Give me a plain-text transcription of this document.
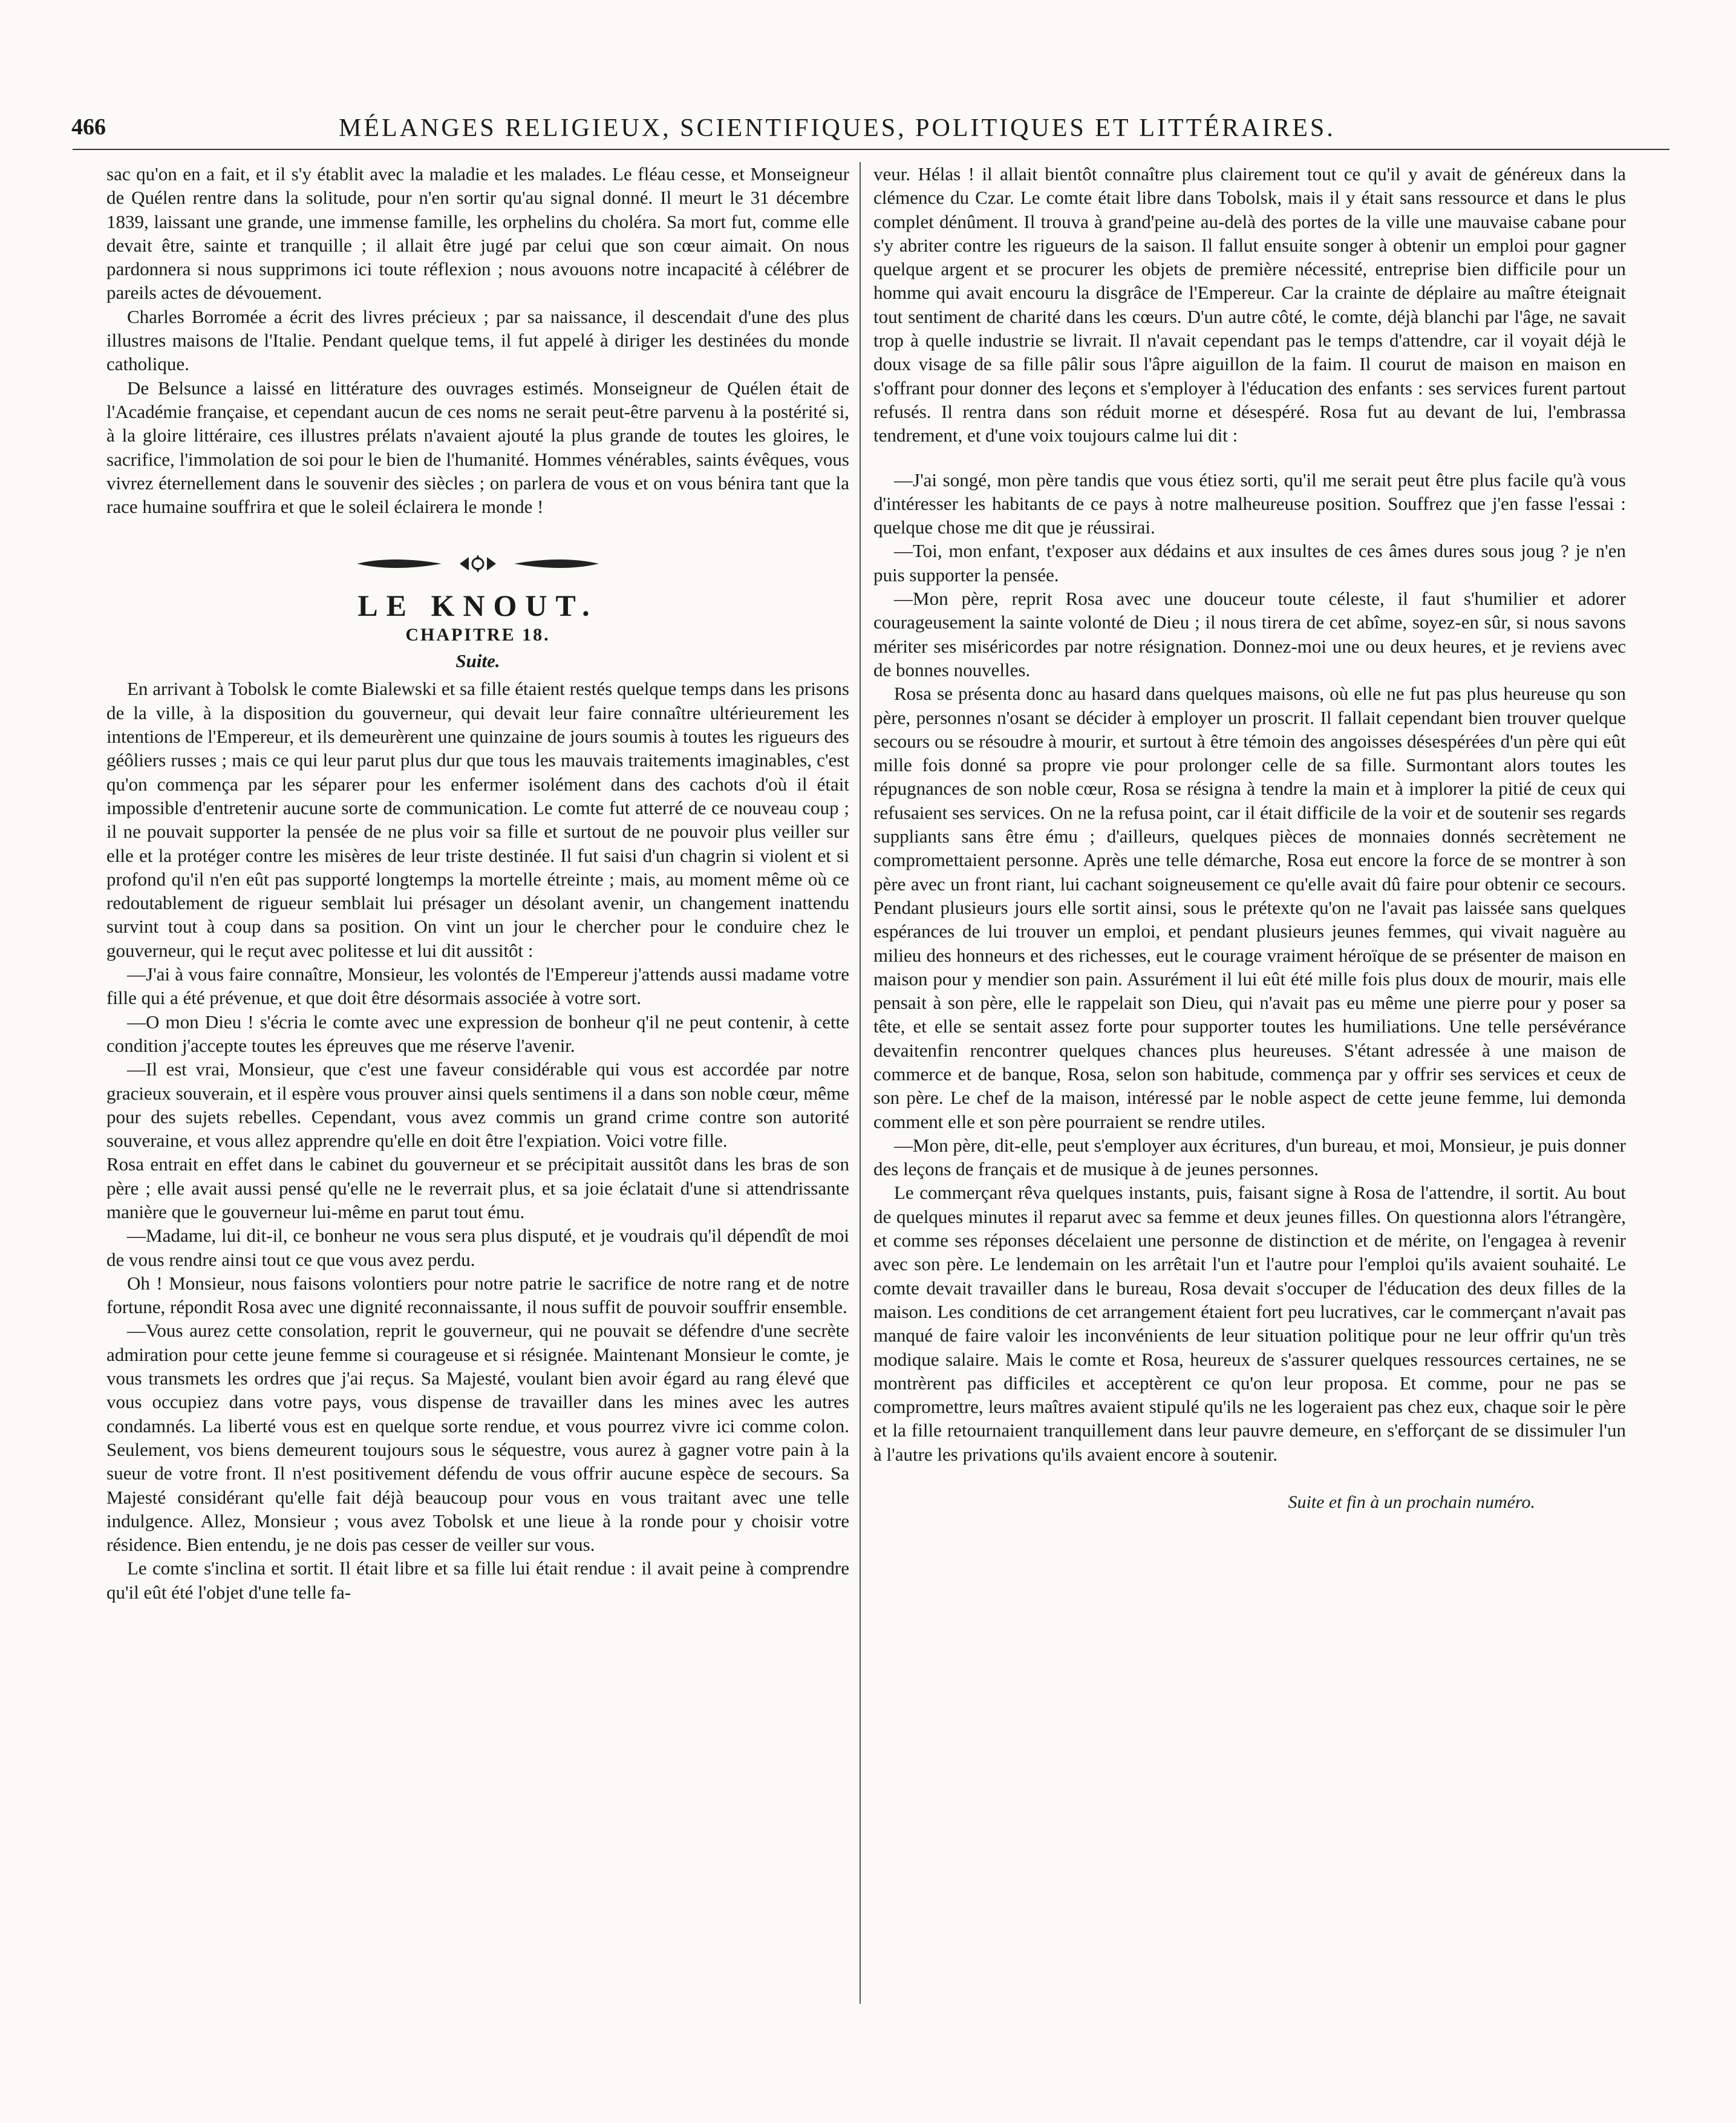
466	MÉLANGES RELIGIEUX, SCIENTIFIQUES, POLITIQUES ET LITTÉRAIRES.

sac qu'on en a fait, et il s'y établit avec la maladie et les malades. Le fléau cesse, et Monseigneur de Quélen rentre dans la solitude, pour n'en sortir qu'au signal donné. Il meurt le 31 décembre 1839, laissant une grande, une immense famille, les orphelins du choléra. Sa mort fut, comme elle devait être, sainte et tranquille ; il allait être jugé par celui que son cœur aimait. On nous pardonnera si nous supprimons ici toute réflexion ; nous avouons notre incapacité à célébrer de pareils actes de dévouement.

Charles Borromée a écrit des livres précieux ; par sa naissance, il descendait d'une des plus illustres maisons de l'Italie. Pendant quelque tems, il fut appelé à diriger les destinées du monde catholique.

De Belsunce a laissé en littérature des ouvrages estimés. Monseigneur de Quélen était de l'Académie française, et cependant aucun de ces noms ne serait peut-être parvenu à la postérité si, à la gloire littéraire, ces illustres prélats n'avaient ajouté la plus grande de toutes les gloires, le sacrifice, l'immolation de soi pour le bien de l'humanité. Hommes vénérables, saints évêques, vous vivrez éternellement dans le souvenir des siècles ; on parlera de vous et on vous bénira tant que la race humaine souffrira et que le soleil éclairera le monde !

LE KNOUT.
CHAPITRE 18.
Suite.

En arrivant à Tobolsk le comte Bialewski et sa fille étaient restés quelque temps dans les prisons de la ville, à la disposition du gouverneur, qui devait leur faire connaître ultérieurement les intentions de l'Empereur, et ils demeurèrent une quinzaine de jours soumis à toutes les rigueurs des géôliers russes ; mais ce qui leur parut plus dur que tous les mauvais traitements imaginables, c'est qu'on commença par les séparer pour les enfermer isolément dans des cachots d'où il était impossible d'entretenir aucune sorte de communication. Le comte fut atterré de ce nouveau coup ; il ne pouvait supporter la pensée de ne plus voir sa fille et surtout de ne pouvoir plus veiller sur elle et la protéger contre les misères de leur triste destinée. Il fut saisi d'un chagrin si violent et si profond qu'il n'en eût pas supporté longtemps la mortelle étreinte ; mais, au moment même où ce redoutablement de rigueur semblait lui présager un désolant avenir, un changement inattendu survint tout à coup dans sa position. On vint un jour le chercher pour le conduire chez le gouverneur, qui le reçut avec politesse et lui dit aussitôt :

—J'ai à vous faire connaître, Monsieur, les volontés de l'Empereur j'attends aussi madame votre fille qui a été prévenue, et que doit être désormais associée à votre sort.

—O mon Dieu ! s'écria le comte avec une expression de bonheur q'il ne peut contenir, à cette condition j'accepte toutes les épreuves que me réserve l'avenir.

—Il est vrai, Monsieur, que c'est une faveur considérable qui vous est accordée par notre gracieux souverain, et il espère vous prouver ainsi quels sentimens il a dans son noble cœur, même pour des sujets rebelles. Cependant, vous avez commis un grand crime contre son autorité souveraine, et vous allez apprendre qu'elle en doit être l'expiation. Voici votre fille.

Rosa entrait en effet dans le cabinet du gouverneur et se précipitait aussitôt dans les bras de son père ; elle avait aussi pensé qu'elle ne le reverrait plus, et sa joie éclatait d'une si attendrissante manière que le gouverneur lui-même en parut tout ému.

—Madame, lui dit-il, ce bonheur ne vous sera plus disputé, et je voudrais qu'il dépendît de moi de vous rendre ainsi tout ce que vous avez perdu.

Oh ! Monsieur, nous faisons volontiers pour notre patrie le sacrifice de notre rang et de notre fortune, répondit Rosa avec une dignité reconnaissante, il nous suffit de pouvoir souffrir ensemble.

—Vous aurez cette consolation, reprit le gouverneur, qui ne pouvait se défendre d'une secrète admiration pour cette jeune femme si courageuse et si résignée. Maintenant Monsieur le comte, je vous transmets les ordres que j'ai reçus. Sa Majesté, voulant bien avoir égard au rang élevé que vous occupiez dans votre pays, vous dispense de travailler dans les mines avec les autres condamnés. La liberté vous est en quelque sorte rendue, et vous pourrez vivre ici comme colon. Seulement, vos biens demeurent toujours sous le séquestre, vous aurez à gagner votre pain à la sueur de votre front. Il n'est positivement défendu de vous offrir aucune espèce de secours. Sa Majesté considérant qu'elle fait déjà beaucoup pour vous en vous traitant avec une telle indulgence. Allez, Monsieur ; vous avez Tobolsk et une lieue à la ronde pour y choisir votre résidence. Bien entendu, je ne dois pas cesser de veiller sur vous.

Le comte s'inclina et sortit. Il était libre et sa fille lui était rendue : il avait peine à comprendre qu'il eût été l'objet d'une telle fa-

veur. Hélas ! il allait bientôt connaître plus clairement tout ce qu'il y avait de généreux dans la clémence du Czar. Le comte était libre dans Tobolsk, mais il y était sans ressource et dans le plus complet dénûment. Il trouva à grand'peine au-delà des portes de la ville une mauvaise cabane pour s'y abriter contre les rigueurs de la saison. Il fallut ensuite songer à obtenir un emploi pour gagner quelque argent et se procurer les objets de première nécessité, entreprise bien difficile pour un homme qui avait encouru la disgrâce de l'Empereur. Car la crainte de déplaire au maître éteignait tout sentiment de charité dans les cœurs. D'un autre côté, le comte, déjà blanchi par l'âge, ne savait trop à quelle industrie se livrait. Il n'avait cependant pas le temps d'attendre, car il voyait déjà le doux visage de sa fille pâlir sous l'âpre aiguillon de la faim. Il courut de maison en maison en s'offrant pour donner des leçons et s'employer à l'éducation des enfants : ses services furent partout refusés. Il rentra dans son réduit morne et désespéré. Rosa fut au devant de lui, l'embrassa tendrement, et d'une voix toujours calme lui dit :

—J'ai songé, mon père tandis que vous étiez sorti, qu'il me serait peut être plus facile qu'à vous d'intéresser les habitants de ce pays à notre malheureuse position. Souffrez que j'en fasse l'essai : quelque chose me dit que je réussirai.

—Toi, mon enfant, t'exposer aux dédains et aux insultes de ces âmes dures sous joug ? je n'en puis supporter la pensée.

—Mon père, reprit Rosa avec une douceur toute céleste, il faut s'humilier et adorer courageusement la sainte volonté de Dieu ; il nous tirera de cet abîme, soyez-en sûr, si nous savons mériter ses miséricordes par notre résignation. Donnez-moi une ou deux heures, et je reviens avec de bonnes nouvelles.

Rosa se présenta donc au hasard dans quelques maisons, où elle ne fut pas plus heureuse qu son père, personnes n'osant se décider à employer un proscrit. Il fallait cependant bien trouver quelque secours ou se résoudre à mourir, et surtout à être témoin des angoisses désespérées d'un père qui eût mille fois donné sa propre vie pour prolonger celle de sa fille. Surmontant alors toutes les répugnances de son noble cœur, Rosa se résigna à tendre la main et à implorer la pitié de ceux qui refusaient ses services. On ne la refusa point, car il était difficile de la voir et de soutenir ses regards suppliants sans être ému ; d'ailleurs, quelques pièces de monnaies donnés secrètement ne compromettaient personne. Après une telle démarche, Rosa eut encore la force de se montrer à son père avec un front riant, lui cachant soigneusement ce qu'elle avait dû faire pour obtenir ce secours. Pendant plusieurs jours elle sortit ainsi, sous le prétexte qu'on ne l'avait pas laissée sans quelques espérances de lui trouver un emploi, et pendant plusieurs jeunes femmes, qui vivait naguère au milieu des honneurs et des richesses, eut le courage vraiment héroïque de se présenter de maison en maison pour y mendier son pain. Assurément il lui eût été mille fois plus doux de mourir, mais elle pensait à son père, elle le rappelait son Dieu, qui n'avait pas eu même une pierre pour y poser sa tête, et elle se sentait assez forte pour supporter toutes les humiliations. Une telle persévérance devaitenfin rencontrer quelques chances plus heureuses. S'étant adressée à une maison de commerce et de banque, Rosa, selon son habitude, commença par y offrir ses services et ceux de son père. Le chef de la maison, intéressé par le noble aspect de cette jeune femme, lui demonda comment elle et son père pourraient se rendre utiles.

—Mon père, dit-elle, peut s'employer aux écritures, d'un bureau, et moi, Monsieur, je puis donner des leçons de français et de musique à de jeunes personnes.

Le commerçant rêva quelques instants, puis, faisant signe à Rosa de l'attendre, il sortit. Au bout de quelques minutes il reparut avec sa femme et deux jeunes filles. On questionna alors l'étrangère, et comme ses réponses décelaient une personne de distinction et de mérite, on l'engagea à revenir avec son père. Le lendemain on les arrêtait l'un et l'autre pour l'emploi qu'ils avaient souhaité. Le comte devait travailler dans le bureau, Rosa devait s'occuper de l'éducation des deux filles de la maison. Les conditions de cet arrangement étaient fort peu lucratives, car le commerçant n'avait pas manqué de faire valoir les inconvénients de leur situation politique pour ne leur offrir qu'un très modique salaire. Mais le comte et Rosa, heureux de s'assurer quelques ressources certaines, ne se montrèrent pas difficiles et acceptèrent ce qu'on leur proposa. Et comme, pour ne pas se compromettre, leurs maîtres avaient stipulé qu'ils ne les logeraient pas chez eux, chaque soir le père et la fille retournaient tranquillement dans leur pauvre demeure, en s'efforçant de se dissimuler l'un à l'autre les privations qu'ils avaient encore à soutenir.

Suite et fin à un prochain numéro.
